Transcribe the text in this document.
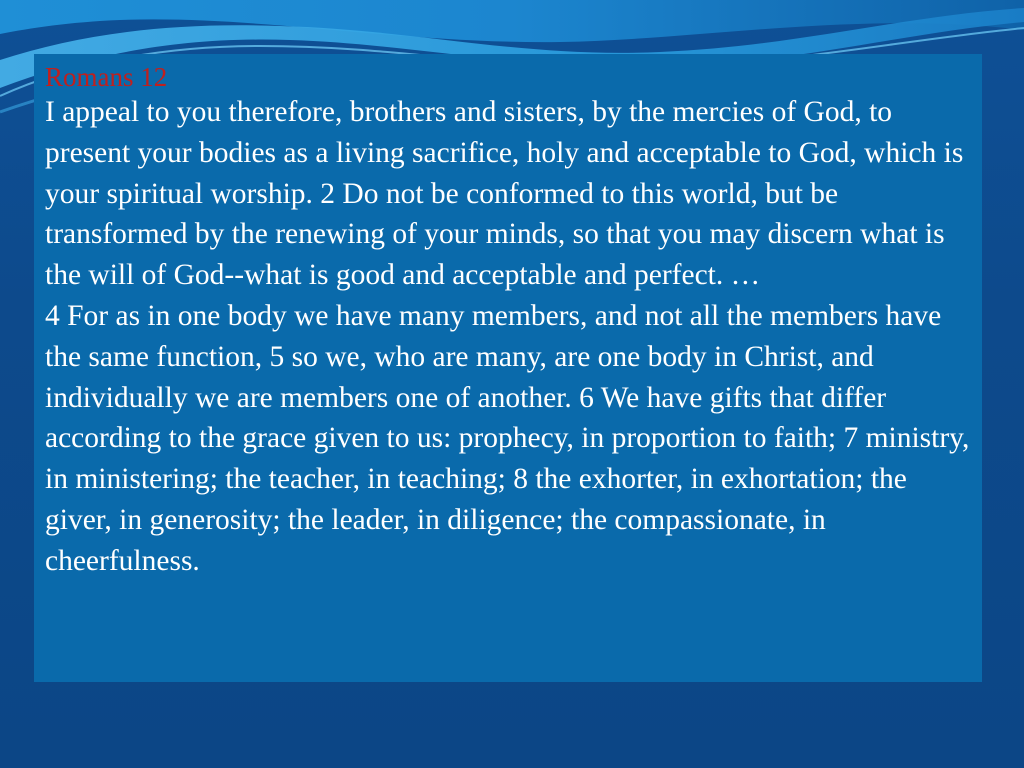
Romans 12

I appeal to you therefore, brothers and sisters, by the mercies of God, to present your bodies as a living sacrifice, holy and acceptable to God, which is your spiritual worship. 2 Do not be conformed to this world, but be transformed by the renewing of your minds, so that you may discern what is the will of God--what is good and acceptable and perfect. …

4 For as in one body we have many members, and not all the members have the same function, 5 so we, who are many, are one body in Christ, and individually we are members one of another. 6 We have gifts that differ according to the grace given to us: prophecy, in proportion to faith; 7 ministry, in ministering; the teacher, in teaching; 8 the exhorter, in exhortation; the giver, in generosity; the leader, in diligence; the compassionate, in cheerfulness.
